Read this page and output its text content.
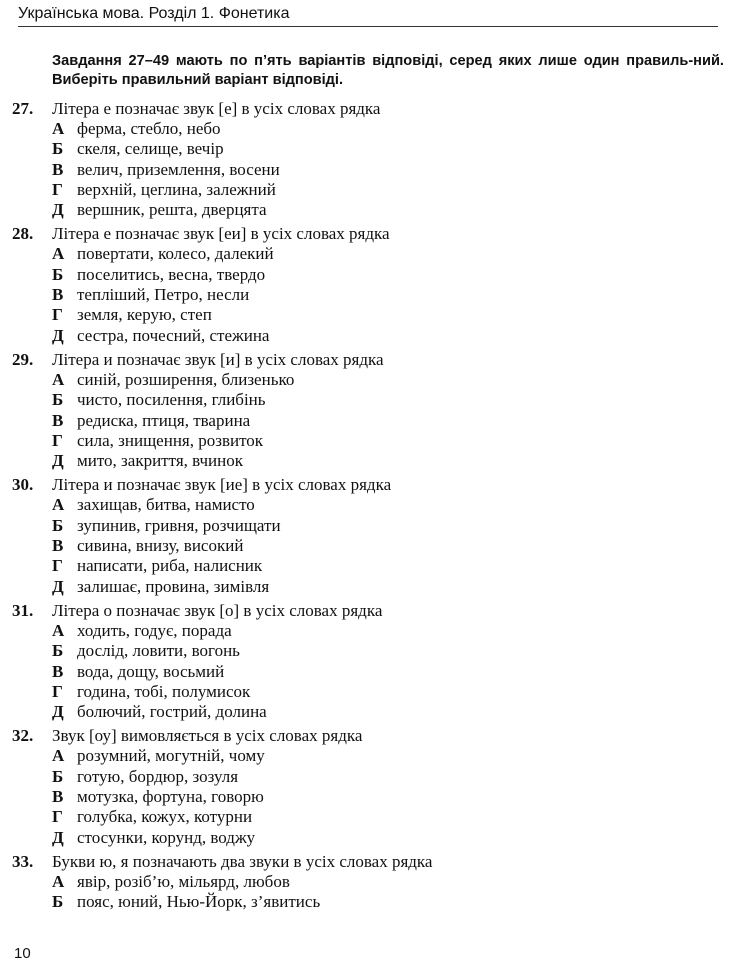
Українська мова. Розділ 1. Фонетика
Завдання 27–49 мають по п’ять варіантів відповіді, серед яких лише один правиль-ний. Виберіть правильний варіант відповіді.
27.	Літера е позначає звук [е] в усіх словах рядка
А ферма, стебло, небо
Б скеля, селище, вечір
В велич, приземлення, восени
Г верхній, цеглина, залежний
Д вершник, решта, дверцята
28.	Літера е позначає звук [еи] в усіх словах рядка
А повертати, колесо, далекий
Б поселитись, весна, твердо
В тепліший, Петро, несли
Г земля, керую, степ
Д сестра, почесний, стежина
29.	Літера и позначає звук [и] в усіх словах рядка
А синій, розширення, близенько
Б чисто, посилення, глибінь
В редиска, птиця, тварина
Г сила, знищення, розвиток
Д мито, закриття, вчинок
30.	Літера и позначає звук [ие] в усіх словах рядка
А захищав, битва, намисто
Б зупинив, гривня, розчищати
В сивина, внизу, високий
Г написати, риба, налисник
Д залишає, провина, зимівля
31.	Літера о позначає звук [о] в усіх словах рядка
А ходить, годує, порада
Б дослід, ловити, вогонь
В вода, дощу, восьмий
Г година, тобі, полумисок
Д болючий, гострий, долина
32.	Звук [оу] вимовляється в усіх словах рядка
А розумний, могутній, чому
Б готую, бордюр, зозуля
В мотузка, фортуна, говорю
Г голубка, кожух, котурни
Д стосунки, корунд, воджу
33.	Букви ю, я позначають два звуки в усіх словах рядка
А явір, розіб’ю, мільярд, любов
Б пояс, юний, Нью-Йорк, з’явитись
10
